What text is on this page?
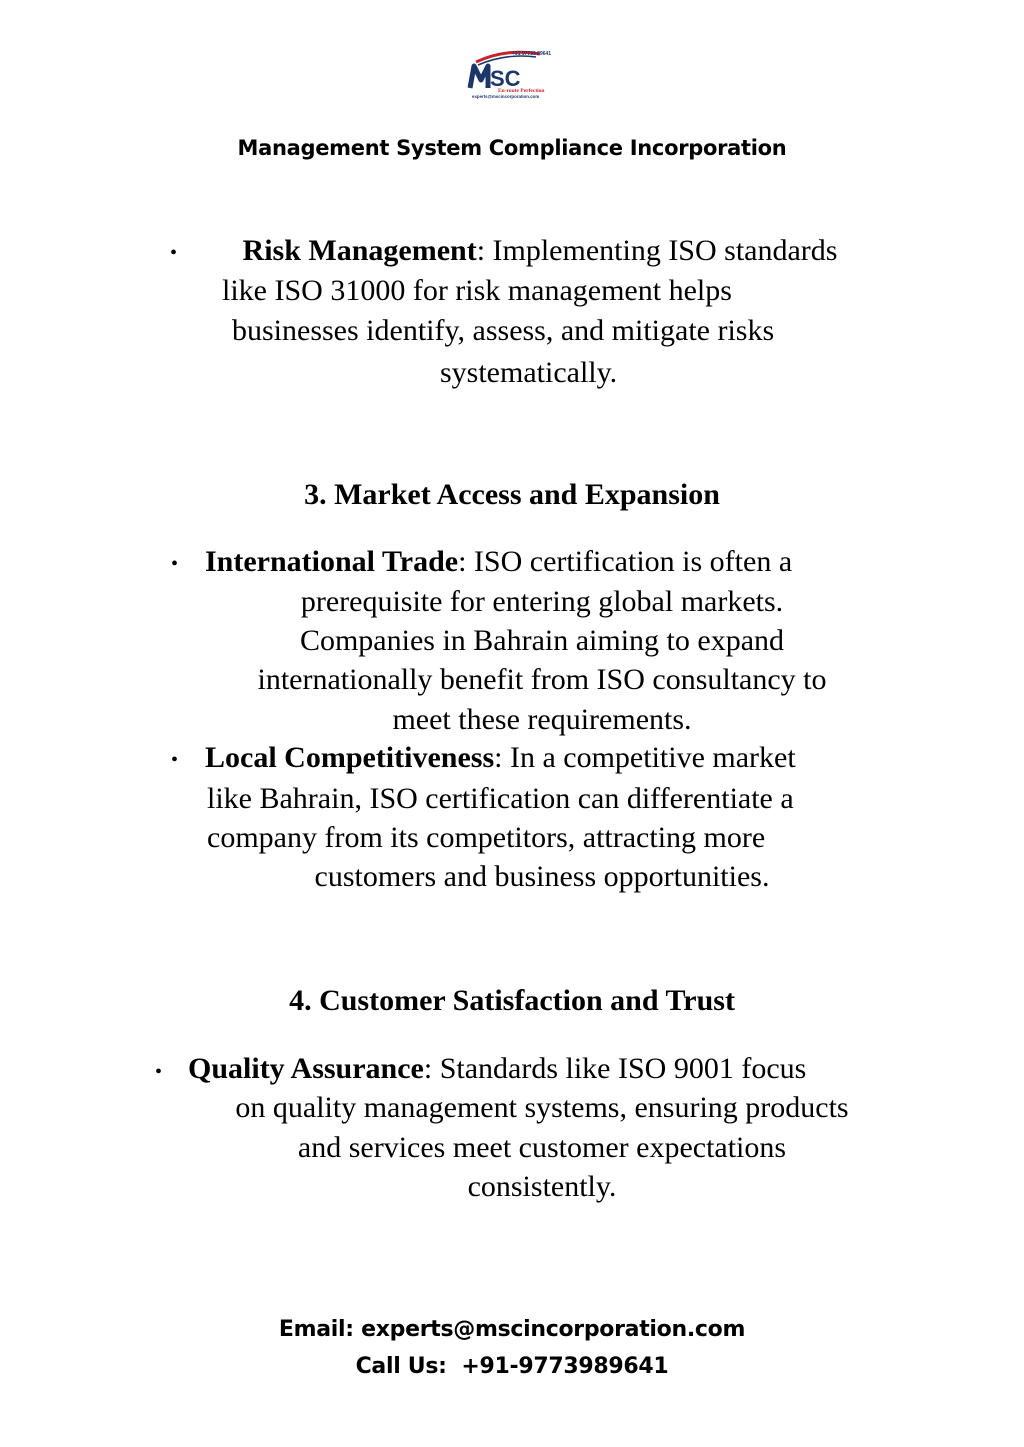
+91 97739 89641
SC
En-route Perfection
experts@mscincorporation.com
Management System Compliance Incorporation
•	Risk Management: Implementing ISO standards
like ISO 31000 for risk management helps
businesses identify, assess, and mitigate risks
systematically.
3. Market Access and Expansion
• International Trade: ISO certification is often a
prerequisite for entering global markets.
Companies in Bahrain aiming to expand
internationally benefit from ISO consultancy to
meet these requirements.
• Local Competitiveness: In a competitive market
like Bahrain, ISO certification can differentiate a
company from its competitors, attracting more
customers and business opportunities.
4. Customer Satisfaction and Trust
• Quality Assurance: Standards like ISO 9001 focus
on quality management systems, ensuring products
and services meet customer expectations
consistently.
Email: experts@mscincorporation.com
Call Us:  +91-9773989641
